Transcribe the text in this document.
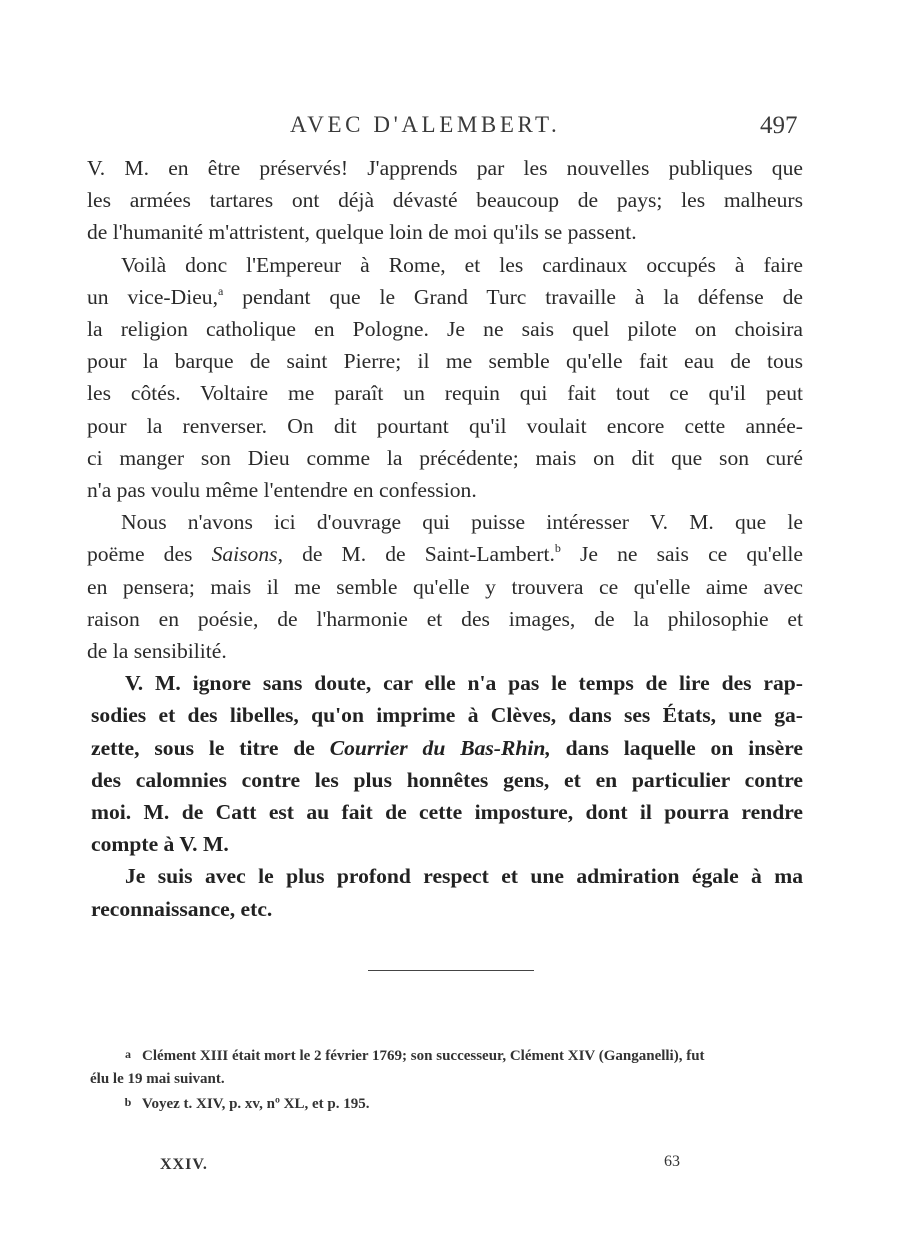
AVEC D'ALEMBERT.	497
V. M. en être préservés! J'apprends par les nouvelles publiques que
les armées tartares ont déjà dévasté beaucoup de pays; les malheurs
de l'humanité m'attristent, quelque loin de moi qu'ils se passent.
Voilà donc l'Empereur à Rome, et les cardinaux occupés à faire
un vice-Dieu,$^a$ pendant que le Grand Turc travaille à la défense de
la religion catholique en Pologne. Je ne sais quel pilote on choisira
pour la barque de saint Pierre; il me semble qu'elle fait eau de tous
les côtés. Voltaire me paraît un requin qui fait tout ce qu'il peut
pour la renverser. On dit pourtant qu'il voulait encore cette année-
ci manger son Dieu comme la précédente; mais on dit que son curé
n'a pas voulu même l'entendre en confession.
Nous n'avons ici d'ouvrage qui puisse intéresser V. M. que le
poëme des Saisons, de M. de Saint-Lambert.$^b$ Je ne sais ce qu'elle
en pensera; mais il me semble qu'elle y trouvera ce qu'elle aime avec
raison en poésie, de l'harmonie et des images, de la philosophie et
de la sensibilité.
V. M. ignore sans doute, car elle n'a pas le temps de lire des rap-
sodies et des libelles, qu'on imprime à Clèves, dans ses États, une ga-
zette, sous le titre de Courrier du Bas-Rhin, dans laquelle on insère
des calomnies contre les plus honnêtes gens, et en particulier contre
moi. M. de Catt est au fait de cette imposture, dont il pourra rendre
compte à V. M.
Je suis avec le plus profond respect et une admiration égale à ma
reconnaissance, etc.
a Clément XIII était mort le 2 février 1769; son successeur, Clément XIV (Ganganelli), fut
élu le 19 mai suivant.
b Voyez t. XIV, p. xv, nº XL, et p. 195.
XXIV.	63
